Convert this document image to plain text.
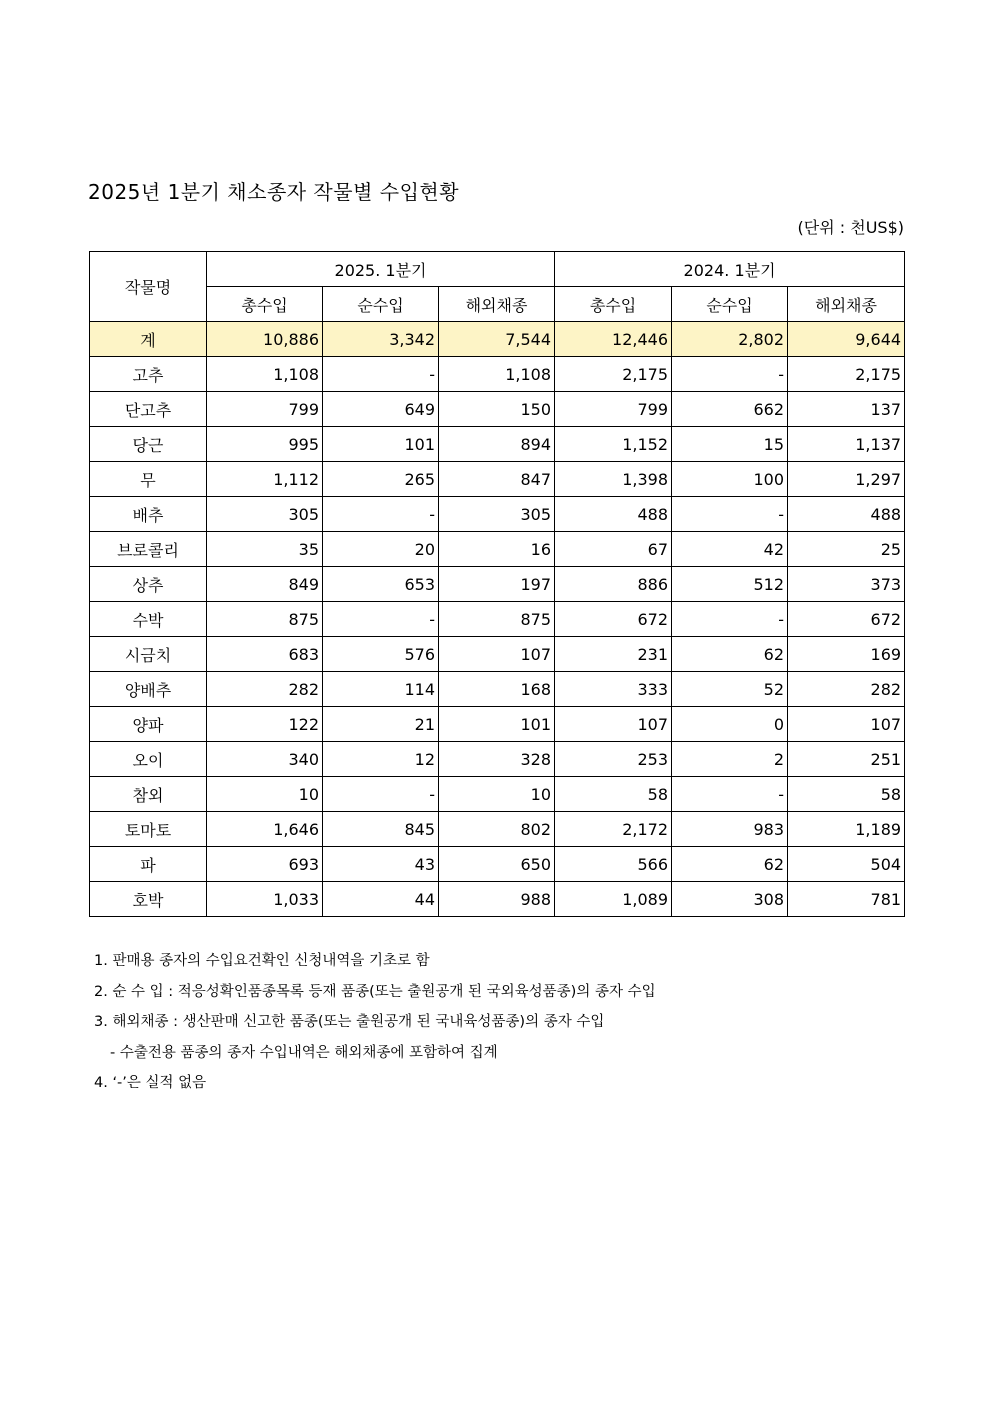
2025년 1분기 채소종자 작물별 수입현황
(단위 : 천US$)
작물명	2025. 1분기			2024. 1분기		
	총수입	순수입	해외채종	총수입	순수입	해외채종
계	10,886	3,342	7,544	12,446	2,802	9,644
고추	1,108	-	1,108	2,175	-	2,175
단고추	799	649	150	799	662	137
당근	995	101	894	1,152	15	1,137
무	1,112	265	847	1,398	100	1,297
배추	305	-	305	488	-	488
브로콜리	35	20	16	67	42	25
상추	849	653	197	886	512	373
수박	875	-	875	672	-	672
시금치	683	576	107	231	62	169
양배추	282	114	168	333	52	282
양파	122	21	101	107	0	107
오이	340	12	328	253	2	251
참외	10	-	10	58	-	58
토마토	1,646	845	802	2,172	983	1,189
파	693	43	650	566	62	504
호박	1,033	44	988	1,089	308	781
1. 판매용 종자의 수입요건확인 신청내역을 기초로 함
2. 순 수 입 : 적응성확인품종목록 등재 품종(또는 출원공개 된 국외육성품종)의 종자 수입
3. 해외채종 : 생산판매 신고한 품종(또는 출원공개 된 국내육성품종)의 종자 수입
- 수출전용 품종의 종자 수입내역은 해외채종에 포함하여 집계
4. ‘-’은 실적 없음
